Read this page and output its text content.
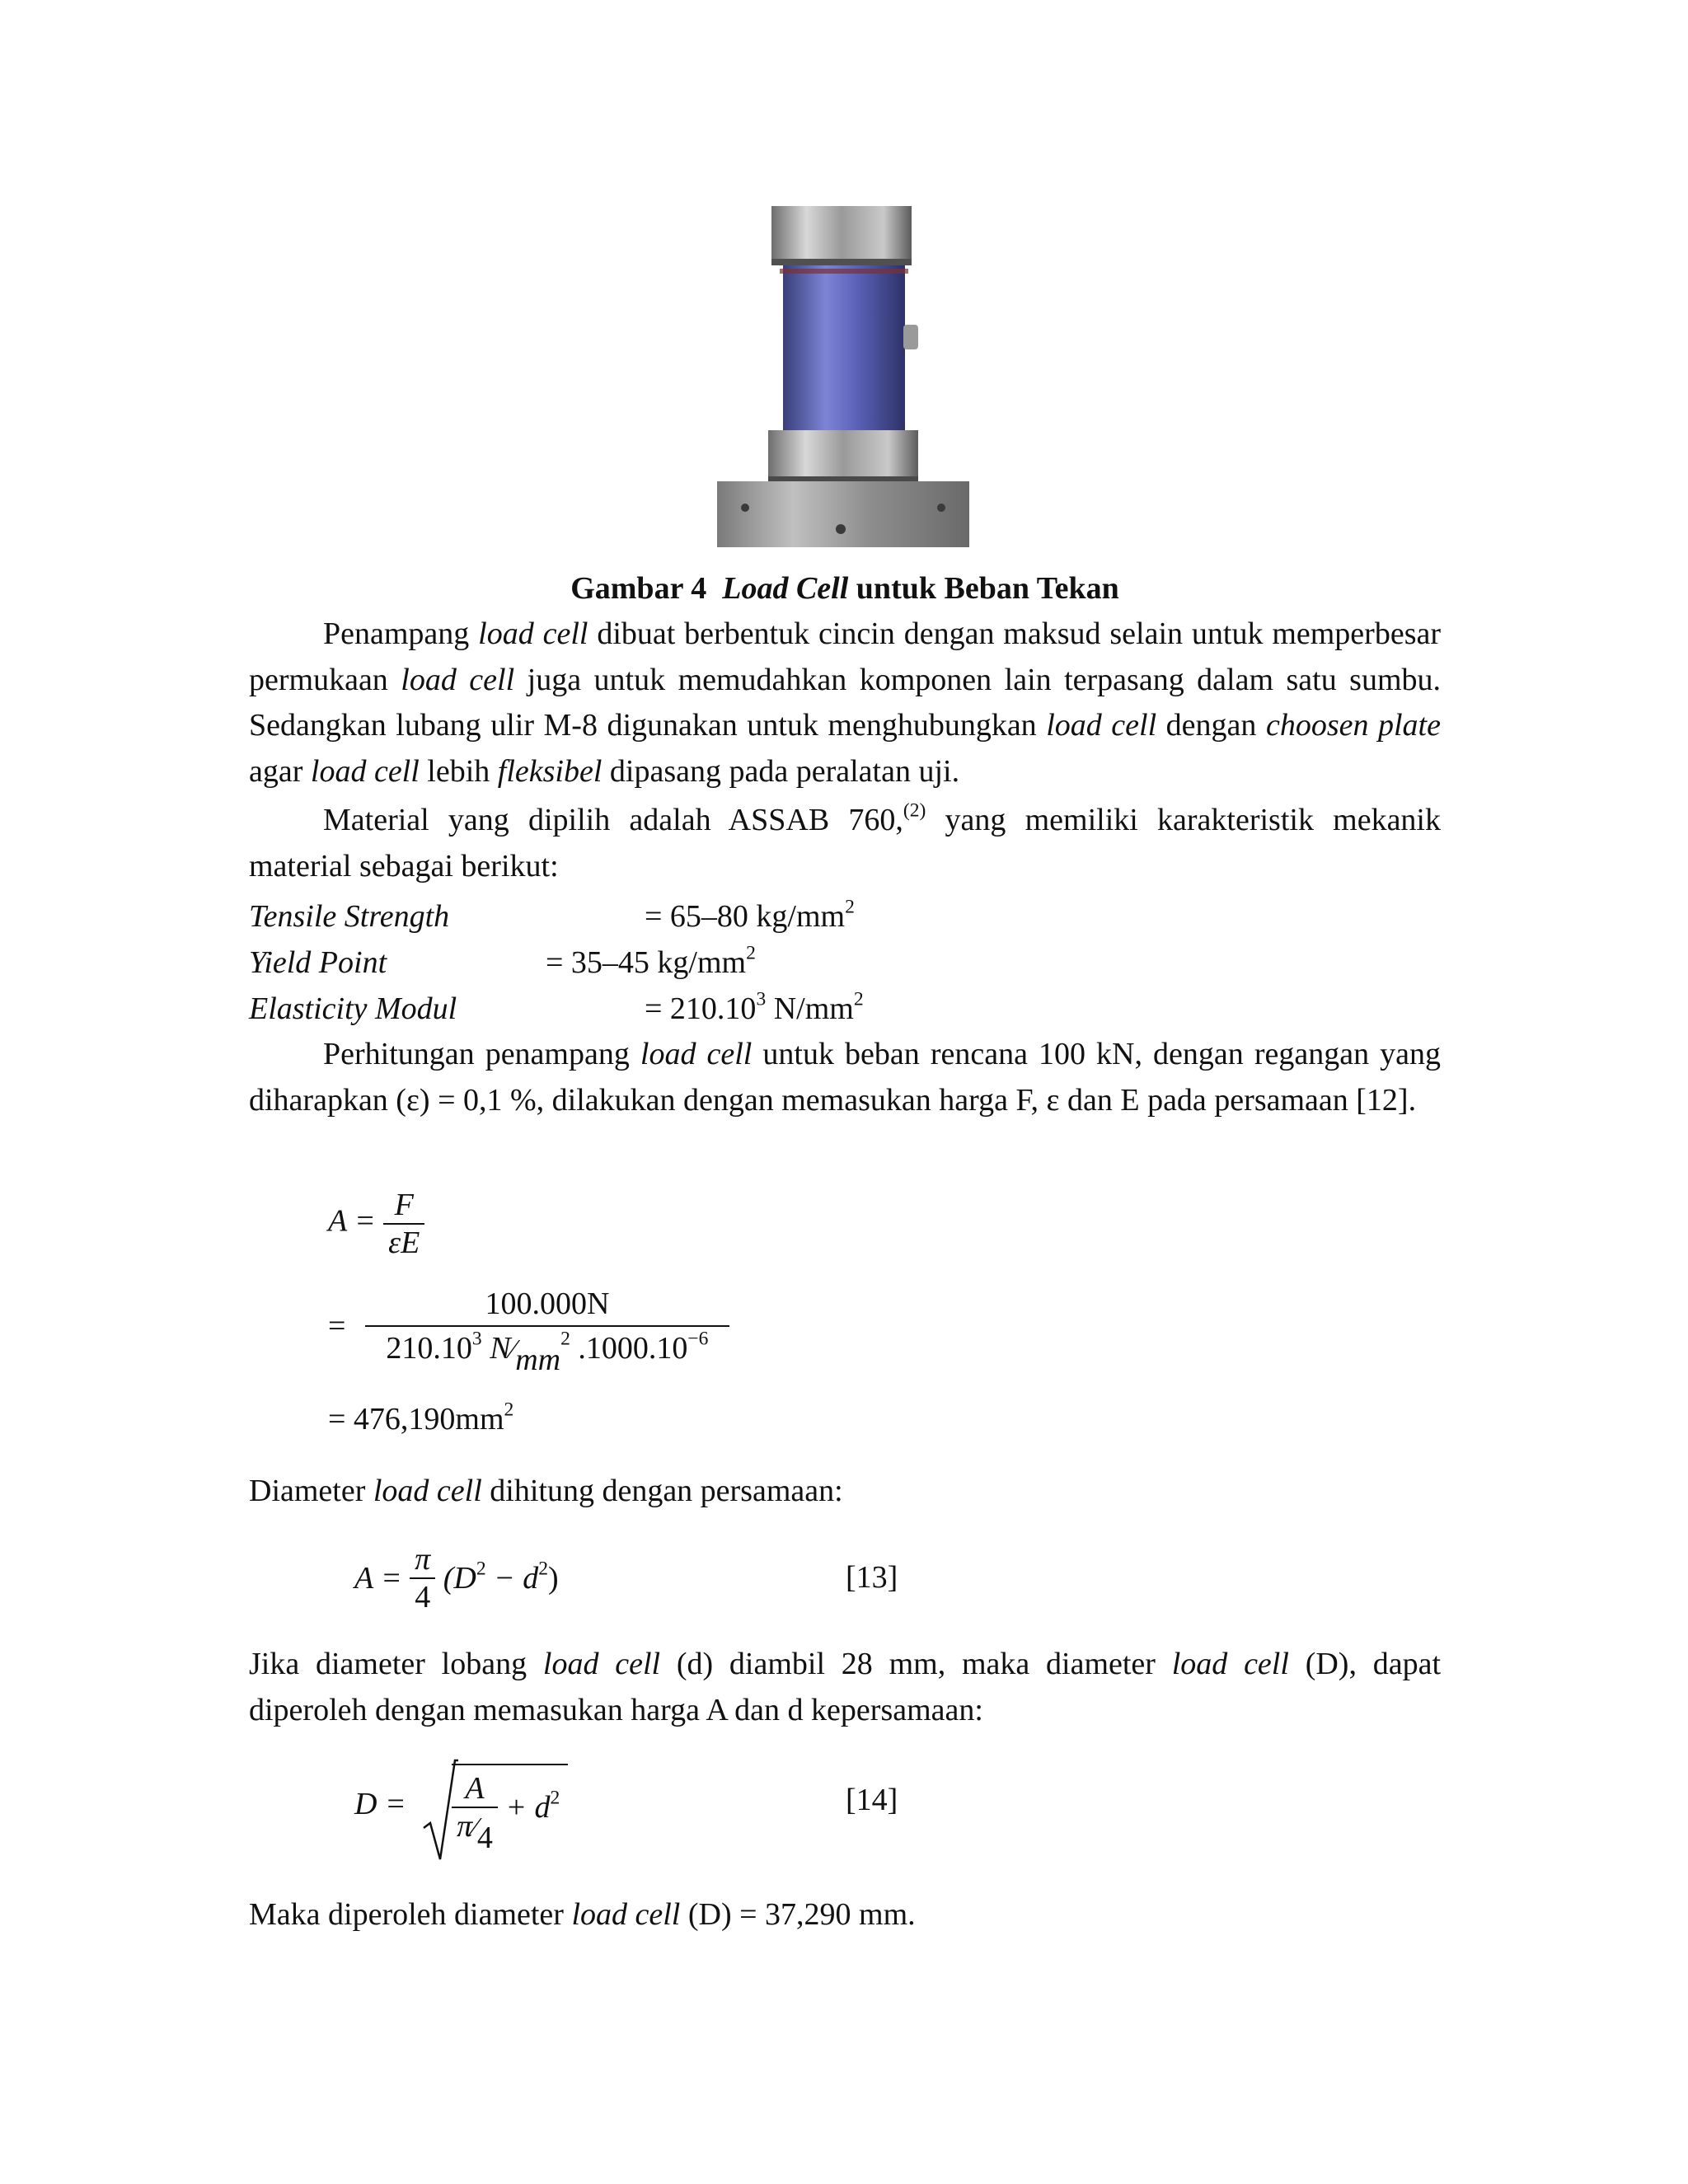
Gambar 4 Load Cell untuk Beban Tekan

Penampang load cell dibuat berbentuk cincin dengan maksud selain untuk memperbesar permukaan load cell juga untuk memudahkan komponen lain terpasang dalam satu sumbu. Sedangkan lubang ulir M-8 digunakan untuk menghubungkan load cell dengan choosen plate agar load cell lebih fleksibel dipasang pada peralatan uji.

Material yang dipilih adalah ASSAB 760,$^{(2)}$ yang memiliki karakteristik mekanik material sebagai berikut:

Tensile Strength	= 65–80 $kg/mm^2$
Yield Point	= 35–45 $kg/mm^2$
Elasticity Modul	= $210.10^3$ $N/mm^2$

Perhitungan penampang load cell untuk beban rencana 100 kN, dengan regangan yang diharapkan (ε) = 0,1 %, dilakukan dengan memasukan harga F, ε dan E pada persamaan [12].

$A = \frac{F}{\varepsilon E}$
= $\frac{100.000N}{210.10^3 N⁄mm^2 .1000.10^{-6}}$
= $476,190mm^2$

Diameter load cell dihitung dengan persamaan:

$A = \frac{\pi}{4} (D^2 - d^2)$	[13]

Jika diameter lobang load cell (d) diambil 28 mm, maka diameter load cell (D), dapat diperoleh dengan memasukan harga A dan d kepersamaan:

$D = \frac{A}{\pi⁄4} + d^2$	[14]

Maka diperoleh diameter load cell (D) = 37,290 mm.
